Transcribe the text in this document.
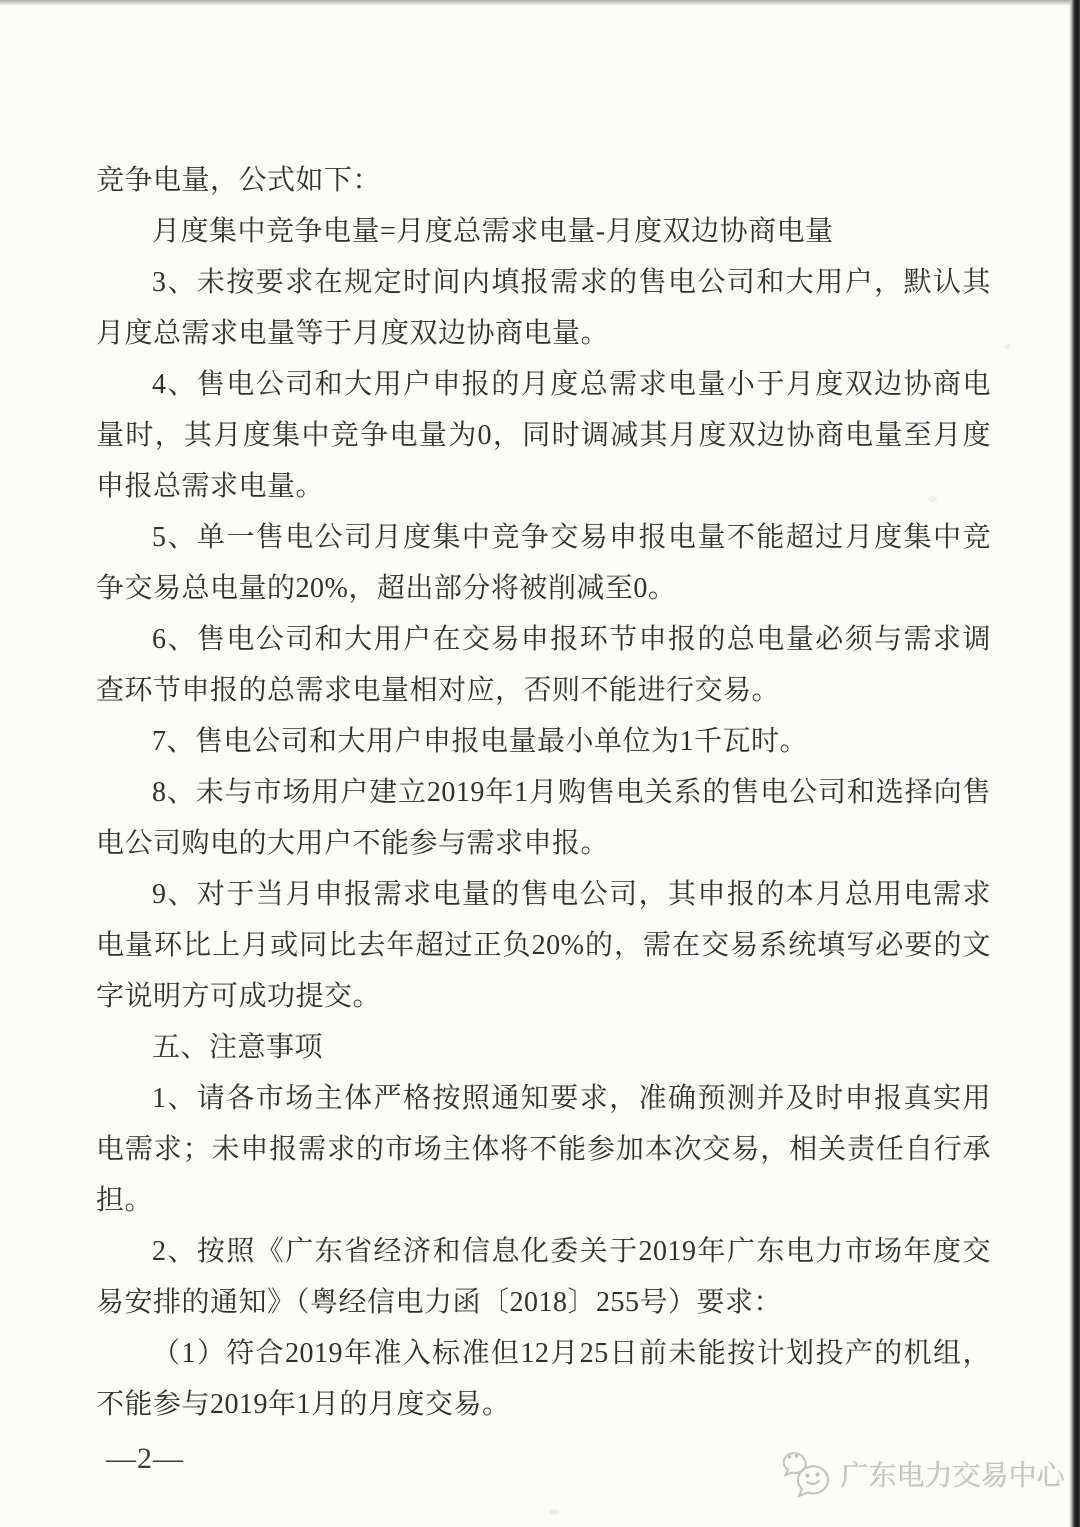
竞争电量，公式如下：
月度集中竞争电量=月度总需求电量-月度双边协商电量
3、未按要求在规定时间内填报需求的售电公司和大用户，默认其
月度总需求电量等于月度双边协商电量。
4、售电公司和大用户申报的月度总需求电量小于月度双边协商电
量时，其月度集中竞争电量为0，同时调减其月度双边协商电量至月度
申报总需求电量。
5、单一售电公司月度集中竞争交易申报电量不能超过月度集中竞
争交易总电量的20%，超出部分将被削减至0。
6、售电公司和大用户在交易申报环节申报的总电量必须与需求调
查环节申报的总需求电量相对应，否则不能进行交易。
7、售电公司和大用户申报电量最小单位为1千瓦时。
8、未与市场用户建立2019年1月购售电关系的售电公司和选择向售
电公司购电的大用户不能参与需求申报。
9、对于当月申报需求电量的售电公司，其申报的本月总用电需求
电量环比上月或同比去年超过正负20%的，需在交易系统填写必要的文
字说明方可成功提交。
五、注意事项
1、请各市场主体严格按照通知要求，准确预测并及时申报真实用
电需求；未申报需求的市场主体将不能参加本次交易，相关责任自行承
担。
2、按照《广东省经济和信息化委关于2019年广东电力市场年度交
易安排的通知》（粤经信电力函〔2018〕255号）要求：
（1）符合2019年准入标准但12月25日前未能按计划投产的机组，
不能参与2019年1月的月度交易。
—2—
广东电力交易中心
